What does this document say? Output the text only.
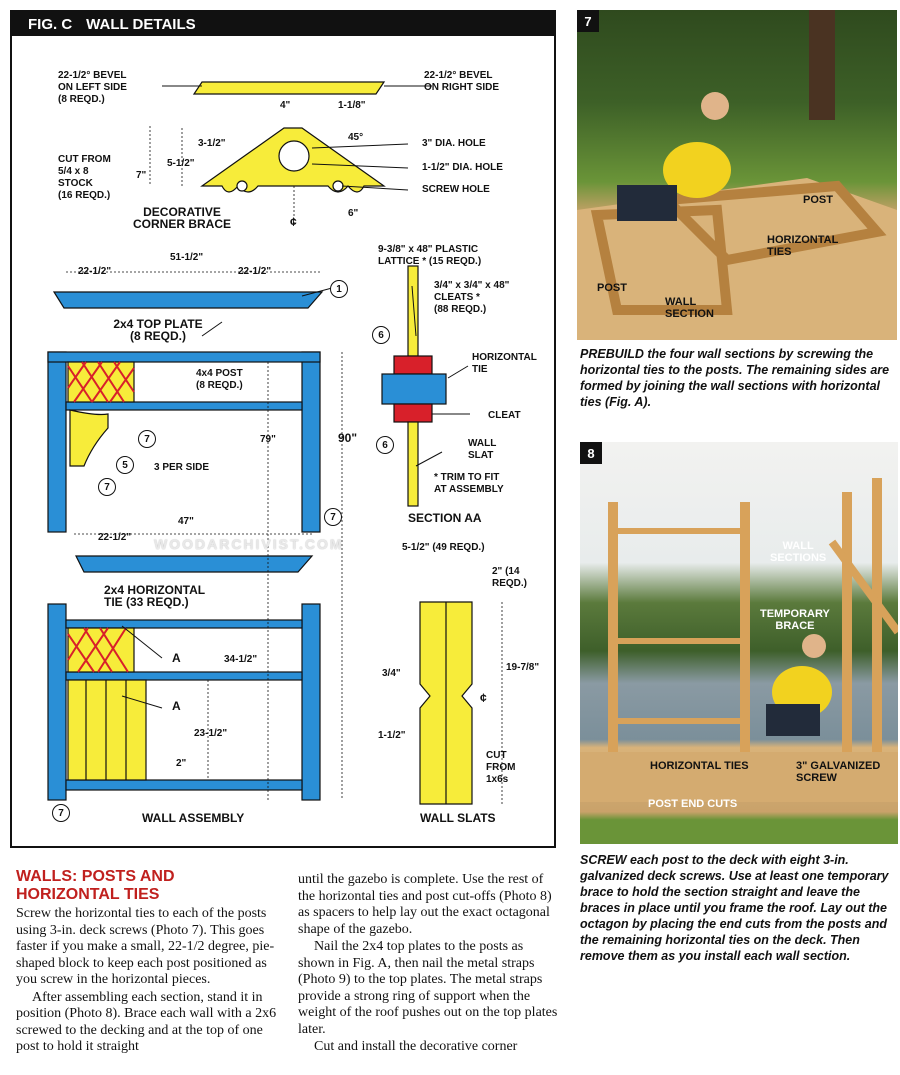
FIG. C WALL DETAILS
22-1/2° BEVEL
ON LEFT SIDE
(8 REQD.)
22-1/2° BEVEL
ON RIGHT SIDE
4"	1-1/8"
45°
3-1/2"
5-1/2"
7"
CUT FROM
5/4 x 8
STOCK
(16 REQD.)
3" DIA. HOLE
1-1/2" DIA. HOLE
SCREW HOLE
DECORATIVE
CORNER BRACE
6"
¢
51-1/2"
22-1/2"	22-1/2"
2x4 TOP PLATE
(8 REQD.)
4x4 POST
(8 REQD.)
79"	90"
3 PER SIDE
9-3/8" x 48" PLASTIC
LATTICE * (15 REQD.)
3/4" x 3/4" x 48"
CLEATS *
(88 REQD.)
HORIZONTAL
TIE
CLEAT
WALL
SLAT
* TRIM TO FIT
AT ASSEMBLY
SECTION AA
47"
22-1/2"
2x4 HORIZONTAL
TIE (33 REQD.)
A
A
34-1/2"
23-1/2"
2"
WALL ASSEMBLY
5-1/2" (49 REQD.)
2" (14
REQD.)
19-7/8"
3/4"
¢
1-1/2"
CUT
FROM
1x6s
WALL SLATS
1
6
6
7
5
7
7
7
7
POST
HORIZONTAL
TIES
POST
WALL
SECTION
PREBUILD the four wall sections by screwing the horizontal ties to the posts. The remaining sides are formed by joining the wall sections with horizontal ties (Fig. A).
8
WALL
SECTIONS
TEMPORARY
BRACE
HORIZONTAL TIES	3" GALVANIZED
SCREW
POST END CUTS
SCREW each post to the deck with eight 3-in. galvanized deck screws. Use at least one temporary brace to hold the section straight and leave the braces in place until you frame the roof. Lay out the octagon by placing the end cuts from the posts and the remaining horizontal ties on the deck. Then remove them as you install each wall section.
WOODARCHIVIST.COM
WALLS: POSTS AND
HORIZONTAL TIES

Screw the horizontal ties to each of the posts using 3-in. deck screws (Photo 7). This goes faster if you make a small, 22-1/2 degree, pie-shaped block to keep each post positioned as you screw in the horizontal pieces.

After assembling each section, stand it in position (Photo 8). Brace each wall with a 2x6 screwed to the decking and at the top of one post to hold it straight

until the gazebo is complete. Use the rest of the horizontal ties and post cut-offs (Photo 8) as spacers to help lay out the exact octagonal shape of the gazebo.

Nail the 2x4 top plates to the posts as shown in Fig. A, then nail the metal straps (Photo 9) to the top plates. The metal straps provide a strong ring of support when the weight of the roof pushes out on the top plates later.

Cut and install the decorative corner
